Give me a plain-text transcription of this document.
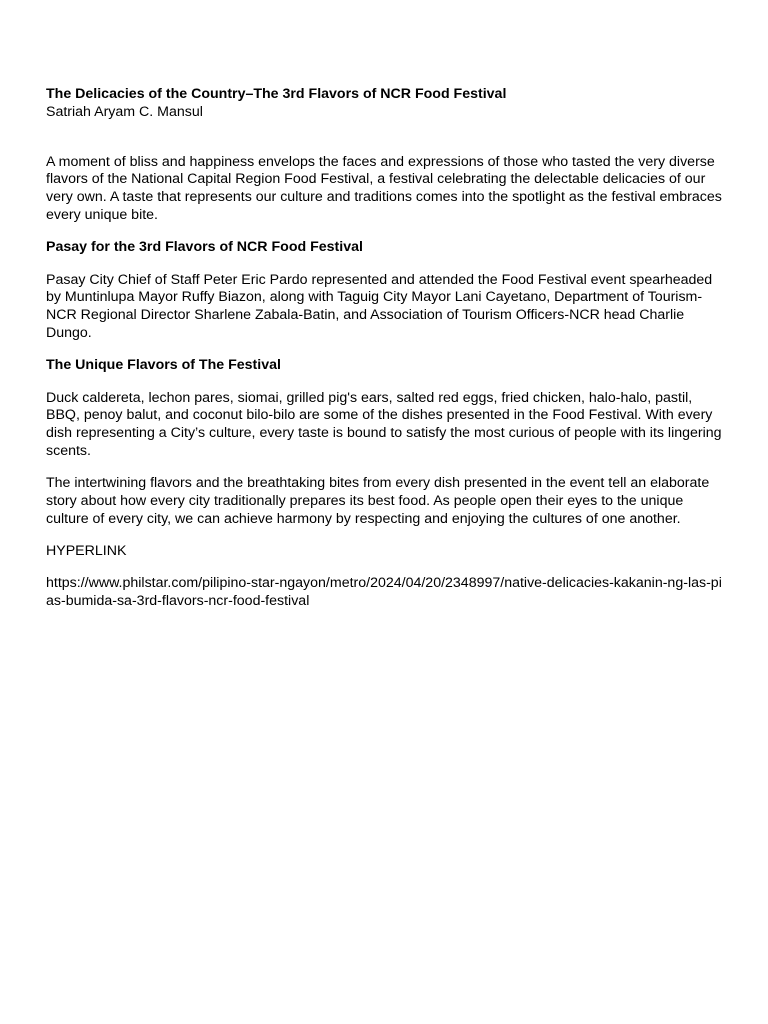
The Delicacies of the Country–The 3rd Flavors of NCR Food Festival
Satriah Aryam C. Mansul

A moment of bliss and happiness envelops the faces and expressions of those who tasted the very diverse flavors of the National Capital Region Food Festival, a festival celebrating the delectable delicacies of our very own. A taste that represents our culture and traditions comes into the spotlight as the festival embraces every unique bite.

Pasay for the 3rd Flavors of NCR Food Festival

Pasay City Chief of Staff Peter Eric Pardo represented and attended the Food Festival event spearheaded by Muntinlupa Mayor Ruffy Biazon, along with Taguig City Mayor Lani Cayetano, Department of Tourism-NCR Regional Director Sharlene Zabala-Batin, and Association of Tourism Officers-NCR head Charlie Dungo.

The Unique Flavors of The Festival

Duck caldereta, lechon pares, siomai, grilled pig's ears, salted red eggs, fried chicken, halo-halo, pastil, BBQ, penoy balut, and coconut bilo-bilo are some of the dishes presented in the Food Festival. With every dish representing a City’s culture, every taste is bound to satisfy the most curious of people with its lingering scents.

The intertwining flavors and the breathtaking bites from every dish presented in the event tell an elaborate story about how every city traditionally prepares its best food. As people open their eyes to the unique culture of every city, we can achieve harmony by respecting and enjoying the cultures of one another.

HYPERLINK

https://www.philstar.com/pilipino-star-ngayon/metro/2024/04/20/2348997/native-delicacies-kakanin-ng-las-pias-bumida-sa-3rd-flavors-ncr-food-festival
